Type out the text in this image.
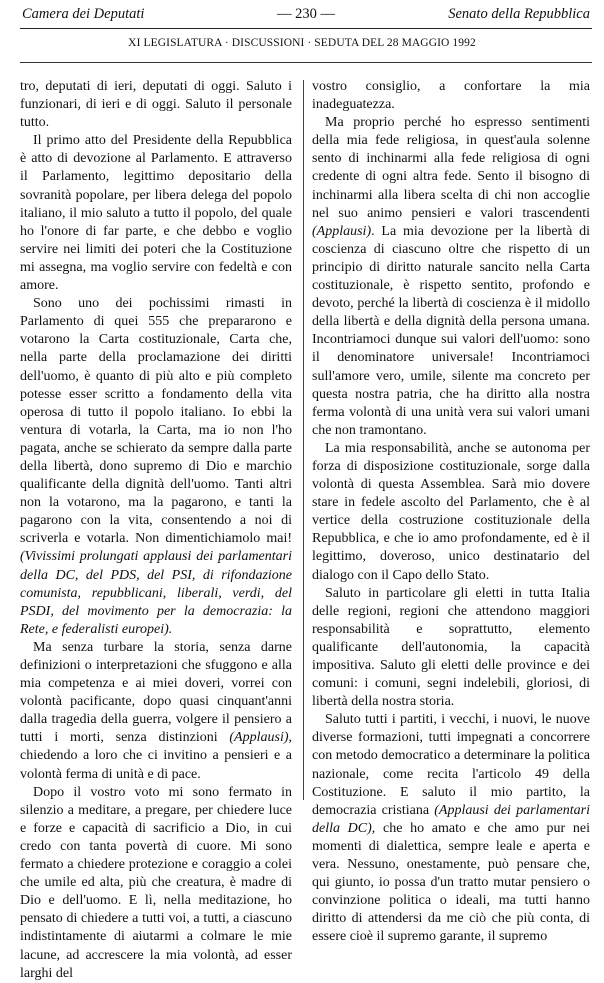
Camera dei Deputati	— 230 —	Senato della Repubblica
XI LEGISLATURA · DISCUSSIONI · SEDUTA DEL 28 MAGGIO 1992

tro, deputati di ieri, deputati di oggi. Saluto i funzionari, di ieri e di oggi. Saluto il personale tutto.

Il primo atto del Presidente della Repubblica è atto di devozione al Parlamento. E attraverso il Parlamento, legittimo depositario della sovranità popolare, per libera delega del popolo italiano, il mio saluto a tutto il popolo, del quale ho l'onore di far parte, e che debbo e voglio servire nei limiti dei poteri che la Costituzione mi assegna, ma voglio servire con fedeltà e con amore.

Sono uno dei pochissimi rimasti in Parlamento di quei 555 che prepararono e votarono la Carta costituzionale, Carta che, nella parte della proclamazione dei diritti dell'uomo, è quanto di più alto e più completo potesse esser scritto a fondamento della vita operosa di tutto il popolo italiano. Io ebbi la ventura di votarla, la Carta, ma io non l'ho pagata, anche se schierato da sempre dalla parte della libertà, dono supremo di Dio e marchio qualificante della dignità dell'uomo. Tanti altri non la votarono, ma la pagarono, e tanti la pagarono con la vita, consentendo a noi di scriverla e votarla. Non dimentichiamolo mai! (Vivissimi prolungati applausi dei parlamentari della DC, del PDS, del PSI, di rifondazione comunista, repubblicani, liberali, verdi, del PSDI, del movimento per la democrazia: la Rete, e federalisti europei).

Ma senza turbare la storia, senza darne definizioni o interpretazioni che sfuggono e alla mia competenza e ai miei doveri, vorrei con volontà pacificante, dopo quasi cinquant'anni dalla tragedia della guerra, volgere il pensiero a tutti i morti, senza distinzioni (Applausi), chiedendo a loro che ci invitino a pensieri e a volontà ferma di unità e di pace.

Dopo il vostro voto mi sono fermato in silenzio a meditare, a pregare, per chiedere luce e forze e capacità di sacrificio a Dio, in cui credo con tanta povertà di cuore. Mi sono fermato a chiedere protezione e coraggio a colei che umile ed alta, più che creatura, è madre di Dio e dell'uomo. E lì, nella meditazione, ho pensato di chiedere a tutti voi, a tutti, a ciascuno indistintamente di aiutarmi a colmare le mie lacune, ad accrescere la mia volontà, ad esser larghi del

vostro consiglio, a confortare la mia inadeguatezza.

Ma proprio perché ho espresso sentimenti della mia fede religiosa, in quest'aula solenne sento di inchinarmi alla fede religiosa di ogni credente di ogni altra fede. Sento il bisogno di inchinarmi alla libera scelta di chi non accoglie nel suo animo pensieri e valori trascendenti (Applausi). La mia devozione per la libertà di coscienza di ciascuno oltre che rispetto di un principio di diritto naturale sancito nella Carta costituzionale, è rispetto sentito, profondo e devoto, perché la libertà di coscienza è il midollo della libertà e della dignità della persona umana. Incontriamoci dunque sui valori dell'uomo: sono il denominatore universale! Incontriamoci sull'amore vero, umile, silente ma concreto per questa nostra patria, che ha diritto alla nostra ferma volontà di una unità vera sui valori umani che non tramontano.

La mia responsabilità, anche se autonoma per forza di disposizione costituzionale, sorge dalla volontà di questa Assemblea. Sarà mio dovere stare in fedele ascolto del Parlamento, che è al vertice della costruzione costituzionale della Repubblica, e che io amo profondamente, ed è il legittimo, doveroso, unico destinatario del dialogo con il Capo dello Stato.

Saluto in particolare gli eletti in tutta Italia delle regioni, regioni che attendono maggiori responsabilità e soprattutto, elemento qualificante dell'autonomia, la capacità impositiva. Saluto gli eletti delle province e dei comuni: i comuni, segni indelebili, gloriosi, di libertà della nostra storia.

Saluto tutti i partiti, i vecchi, i nuovi, le nuove diverse formazioni, tutti impegnati a concorrere con metodo democratico a determinare la politica nazionale, come recita l'articolo 49 della Costituzione. E saluto il mio partito, la democrazia cristiana (Applausi dei parlamentari della DC), che ho amato e che amo pur nei momenti di dialettica, sempre leale e aperta e vera. Nessuno, onestamente, può pensare che, qui giunto, io possa d'un tratto mutar pensiero o convinzione politica o ideali, ma tutti hanno diritto di attendersi da me ciò che più conta, di essere cioè il supremo garante, il supremo
